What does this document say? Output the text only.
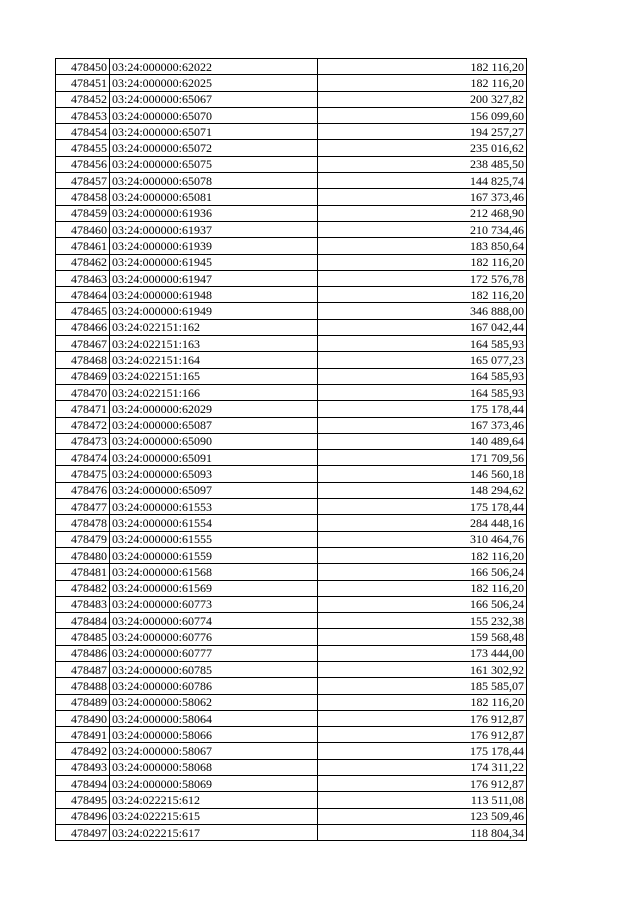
478450	03:24:000000:62022	182 116,20
478451	03:24:000000:62025	182 116,20
478452	03:24:000000:65067	200 327,82
478453	03:24:000000:65070	156 099,60
478454	03:24:000000:65071	194 257,27
478455	03:24:000000:65072	235 016,62
478456	03:24:000000:65075	238 485,50
478457	03:24:000000:65078	144 825,74
478458	03:24:000000:65081	167 373,46
478459	03:24:000000:61936	212 468,90
478460	03:24:000000:61937	210 734,46
478461	03:24:000000:61939	183 850,64
478462	03:24:000000:61945	182 116,20
478463	03:24:000000:61947	172 576,78
478464	03:24:000000:61948	182 116,20
478465	03:24:000000:61949	346 888,00
478466	03:24:022151:162	167 042,44
478467	03:24:022151:163	164 585,93
478468	03:24:022151:164	165 077,23
478469	03:24:022151:165	164 585,93
478470	03:24:022151:166	164 585,93
478471	03:24:000000:62029	175 178,44
478472	03:24:000000:65087	167 373,46
478473	03:24:000000:65090	140 489,64
478474	03:24:000000:65091	171 709,56
478475	03:24:000000:65093	146 560,18
478476	03:24:000000:65097	148 294,62
478477	03:24:000000:61553	175 178,44
478478	03:24:000000:61554	284 448,16
478479	03:24:000000:61555	310 464,76
478480	03:24:000000:61559	182 116,20
478481	03:24:000000:61568	166 506,24
478482	03:24:000000:61569	182 116,20
478483	03:24:000000:60773	166 506,24
478484	03:24:000000:60774	155 232,38
478485	03:24:000000:60776	159 568,48
478486	03:24:000000:60777	173 444,00
478487	03:24:000000:60785	161 302,92
478488	03:24:000000:60786	185 585,07
478489	03:24:000000:58062	182 116,20
478490	03:24:000000:58064	176 912,87
478491	03:24:000000:58066	176 912,87
478492	03:24:000000:58067	175 178,44
478493	03:24:000000:58068	174 311,22
478494	03:24:000000:58069	176 912,87
478495	03:24:022215:612	113 511,08
478496	03:24:022215:615	123 509,46
478497	03:24:022215:617	118 804,34
